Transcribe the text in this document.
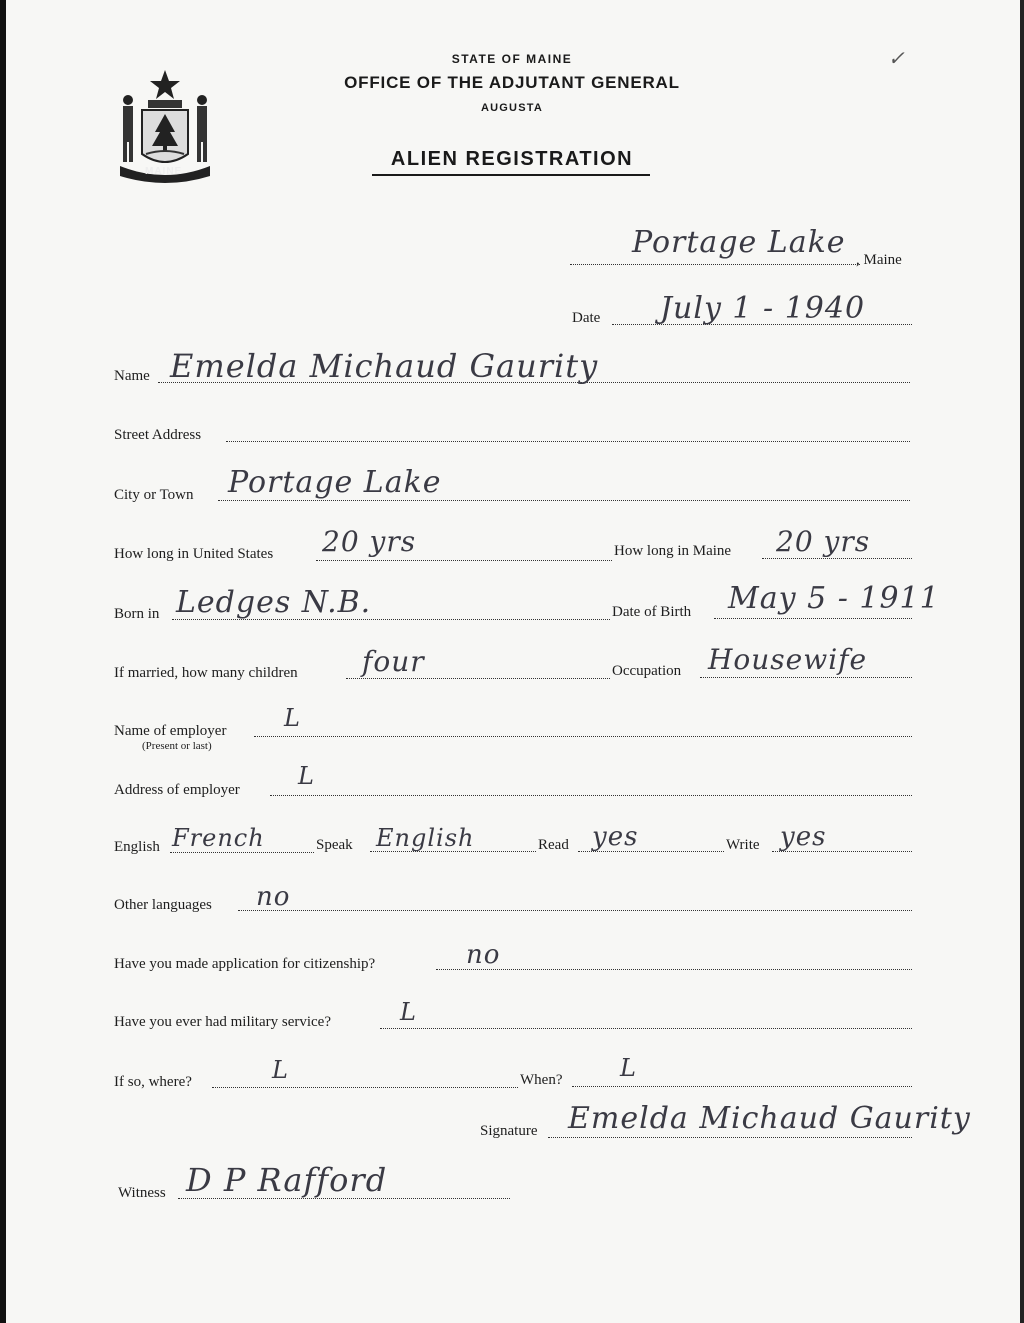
MAINE
STATE OF MAINE
OFFICE OF THE ADJUTANT GENERAL
AUGUSTA
ALIEN REGISTRATION
✓
Portage Lake , Maine
Date July 1 - 1940
Name Emelda Michaud Gaurity
Street Address
City or Town Portage Lake
How long in United States 20 yrs	How long in Maine 20 yrs
Born in Ledges N.B.	Date of Birth May 5 - 1911
If married, how many children four	Occupation Housewife
Name of employer
(Present or last)
L
Address of employer L
English French	Speak English	Read yes	Write yes
Other languages no
Have you made application for citizenship?	no
Have you ever had military service?	L
If so, where?	L	When? L
Signature Emelda Michaud Gaurity
Witness D P Rafford
